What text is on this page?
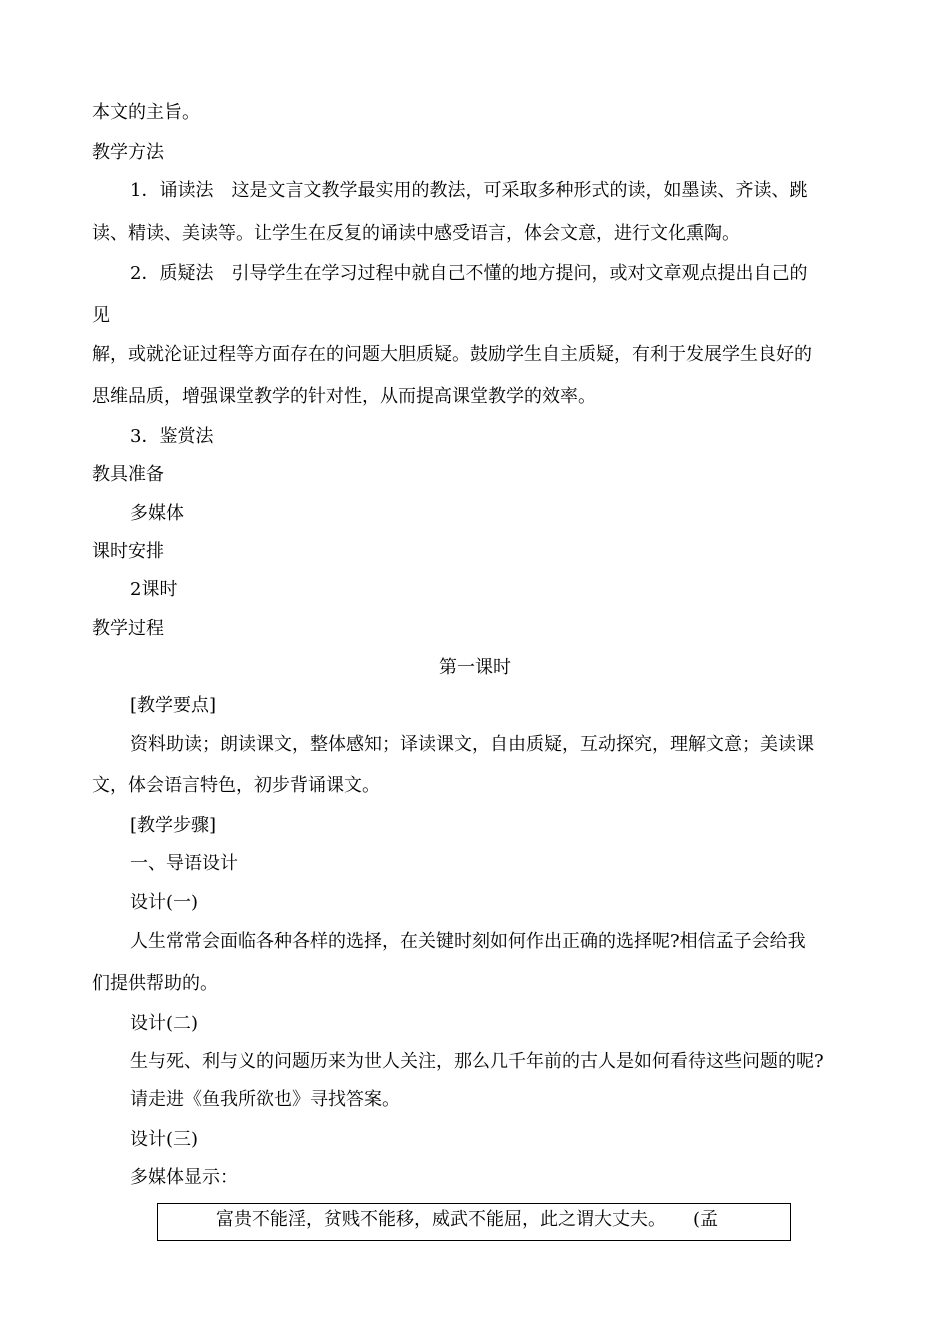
本文的主旨。
教学方法
1．诵读法　这是文言文教学最实用的教法，可采取多种形式的读，如墨读、齐读、跳
读、精读、美读等。让学生在反复的诵读中感受语言，体会文意，进行文化熏陶。
2．质疑法　引导学生在学习过程中就自己不懂的地方提问，或对文章观点提出自己的
见
解，或就沦证过程等方面存在的问题大胆质疑。鼓励学生自主质疑，有利于发展学生良好的
思维品质，增强课堂教学的针对性，从而提高课堂教学的效率。
3．鉴赏法
教具准备
多媒体
课时安排
2课时
教学过程
第一课时
[教学要点]
资料助读；朗读课文，整体感知；译读课文，自由质疑，互动探究，理解文意；美读课
文，体会语言特色，初步背诵课文。
[教学步骤]
一、导语设计
设计(一)
人生常常会面临各种各样的选择，在关键时刻如何作出正确的选择呢?相信孟子会给我
们提供帮助的。
设计(二)
生与死、利与义的问题历来为世人关注，那么几千年前的古人是如何看待这些问题的呢?
请走进《鱼我所欲也》寻找答案。
设计(三)
多媒体显示：
富贵不能淫，贫贱不能移，威武不能屈，此之谓大丈夫。　　(孟
